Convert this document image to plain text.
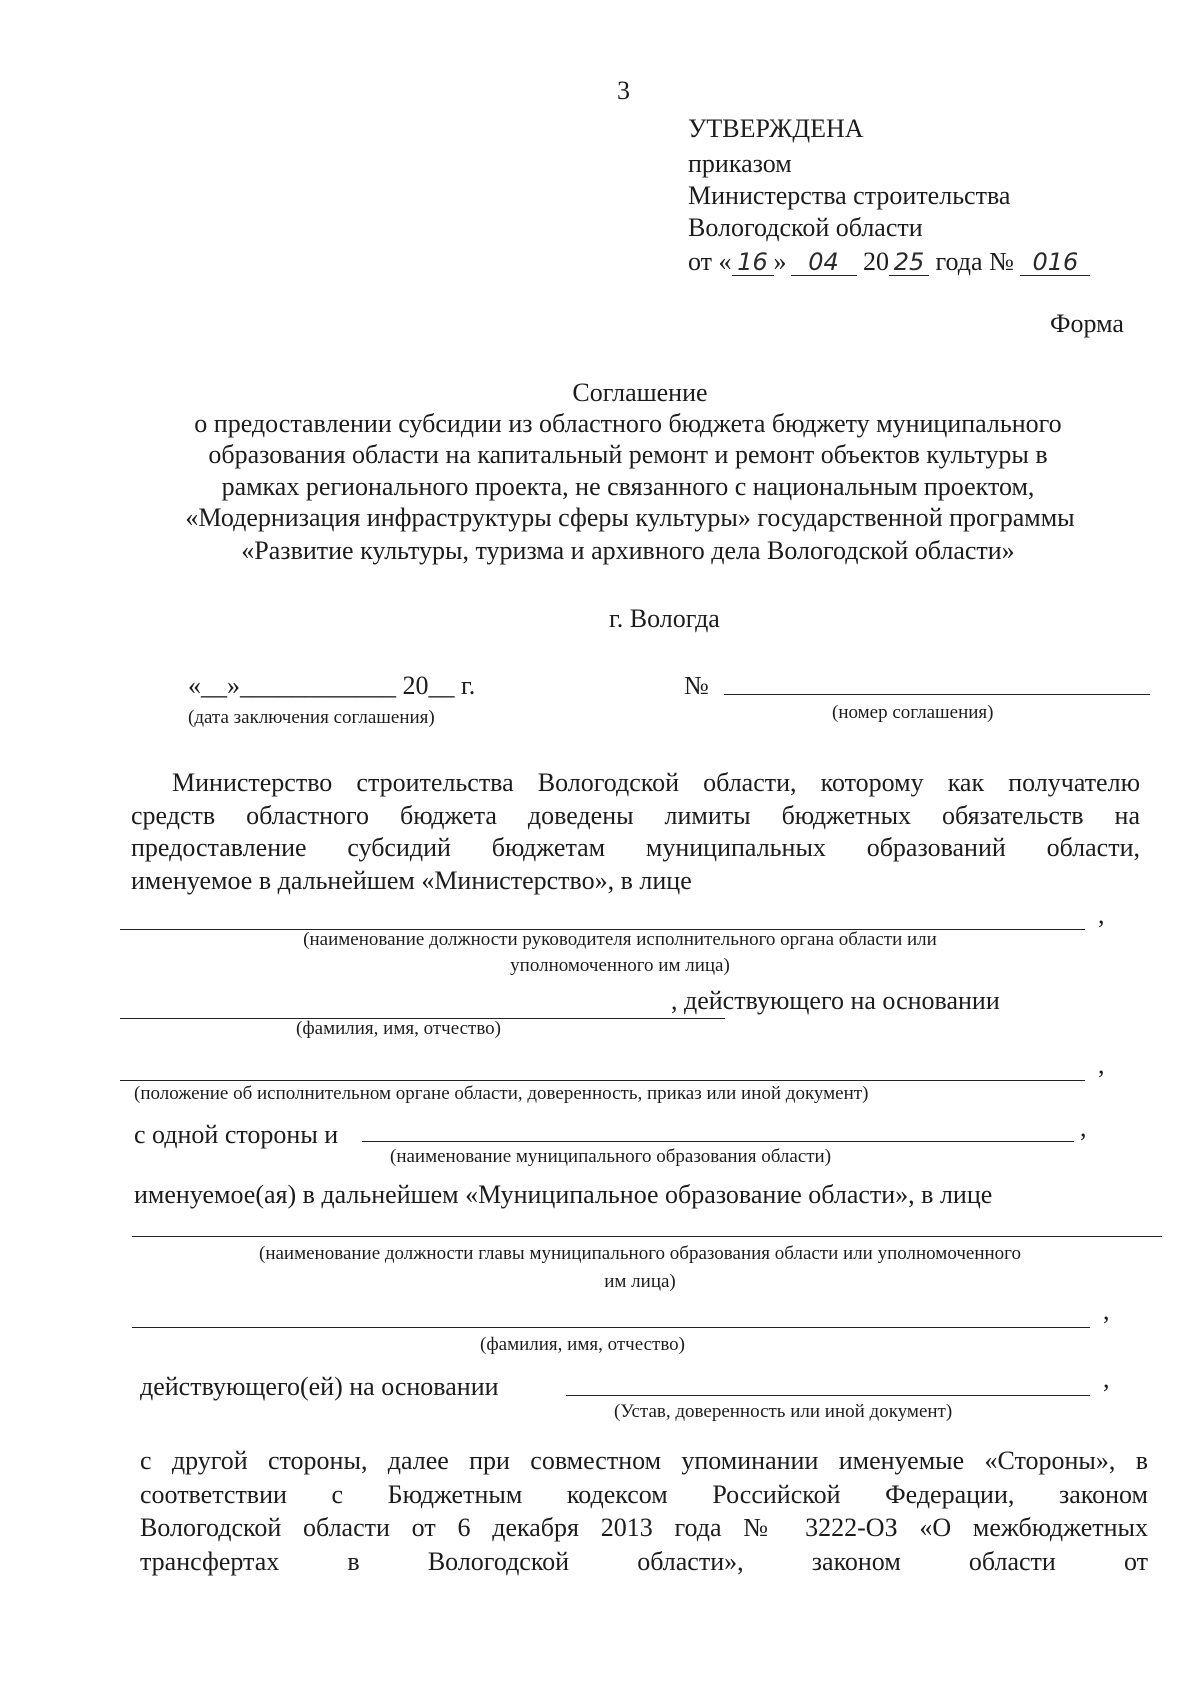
3
УТВЕРЖДЕНА
приказом
Министерства строительства
Вологодской области
от « 16 » 04 20 25 года № 016
Форма
Соглашение
о предоставлении субсидии из областного бюджета бюджету муниципального
образования области на капитальный ремонт и ремонт объектов культуры в
рамках регионального проекта, не связанного с национальным проектом,
«Модернизация инфраструктуры сферы культуры» государственной программы
«Развитие культуры, туризма и архивного дела Вологодской области»
г. Вологда
«__»____________ 20__ г.
(дата заключения соглашения)
№
(номер соглашения)
Министерство строительства Вологодской области, которому как получателю
средств областного бюджета доведены лимиты бюджетных обязательств на
предоставление субсидий бюджетам муниципальных образований области,
именуемое в дальнейшем «Министерство», в лице
,
(наименование должности руководителя исполнительного органа области или
уполномоченного им лица)
, действующего на основании
(фамилия, имя, отчество)
,
(положение об исполнительном органе области, доверенность, приказ или иной документ)
с одной стороны и	,
(наименование муниципального образования области)
именуемое(ая) в дальнейшем «Муниципальное образование области», в лице
(наименование должности главы муниципального образования области или уполномоченного
им лица)
,
(фамилия, имя, отчество)
действующего(ей) на основании	,
(Устав, доверенность или иной документ)
с другой стороны, далее при совместном упоминании именуемые «Стороны», в
соответствии с Бюджетным кодексом Российской Федерации, законом
Вологодской области от 6 декабря 2013 года № 3222-ОЗ «О межбюджетных
трансфертах в Вологодской области», законом области от
